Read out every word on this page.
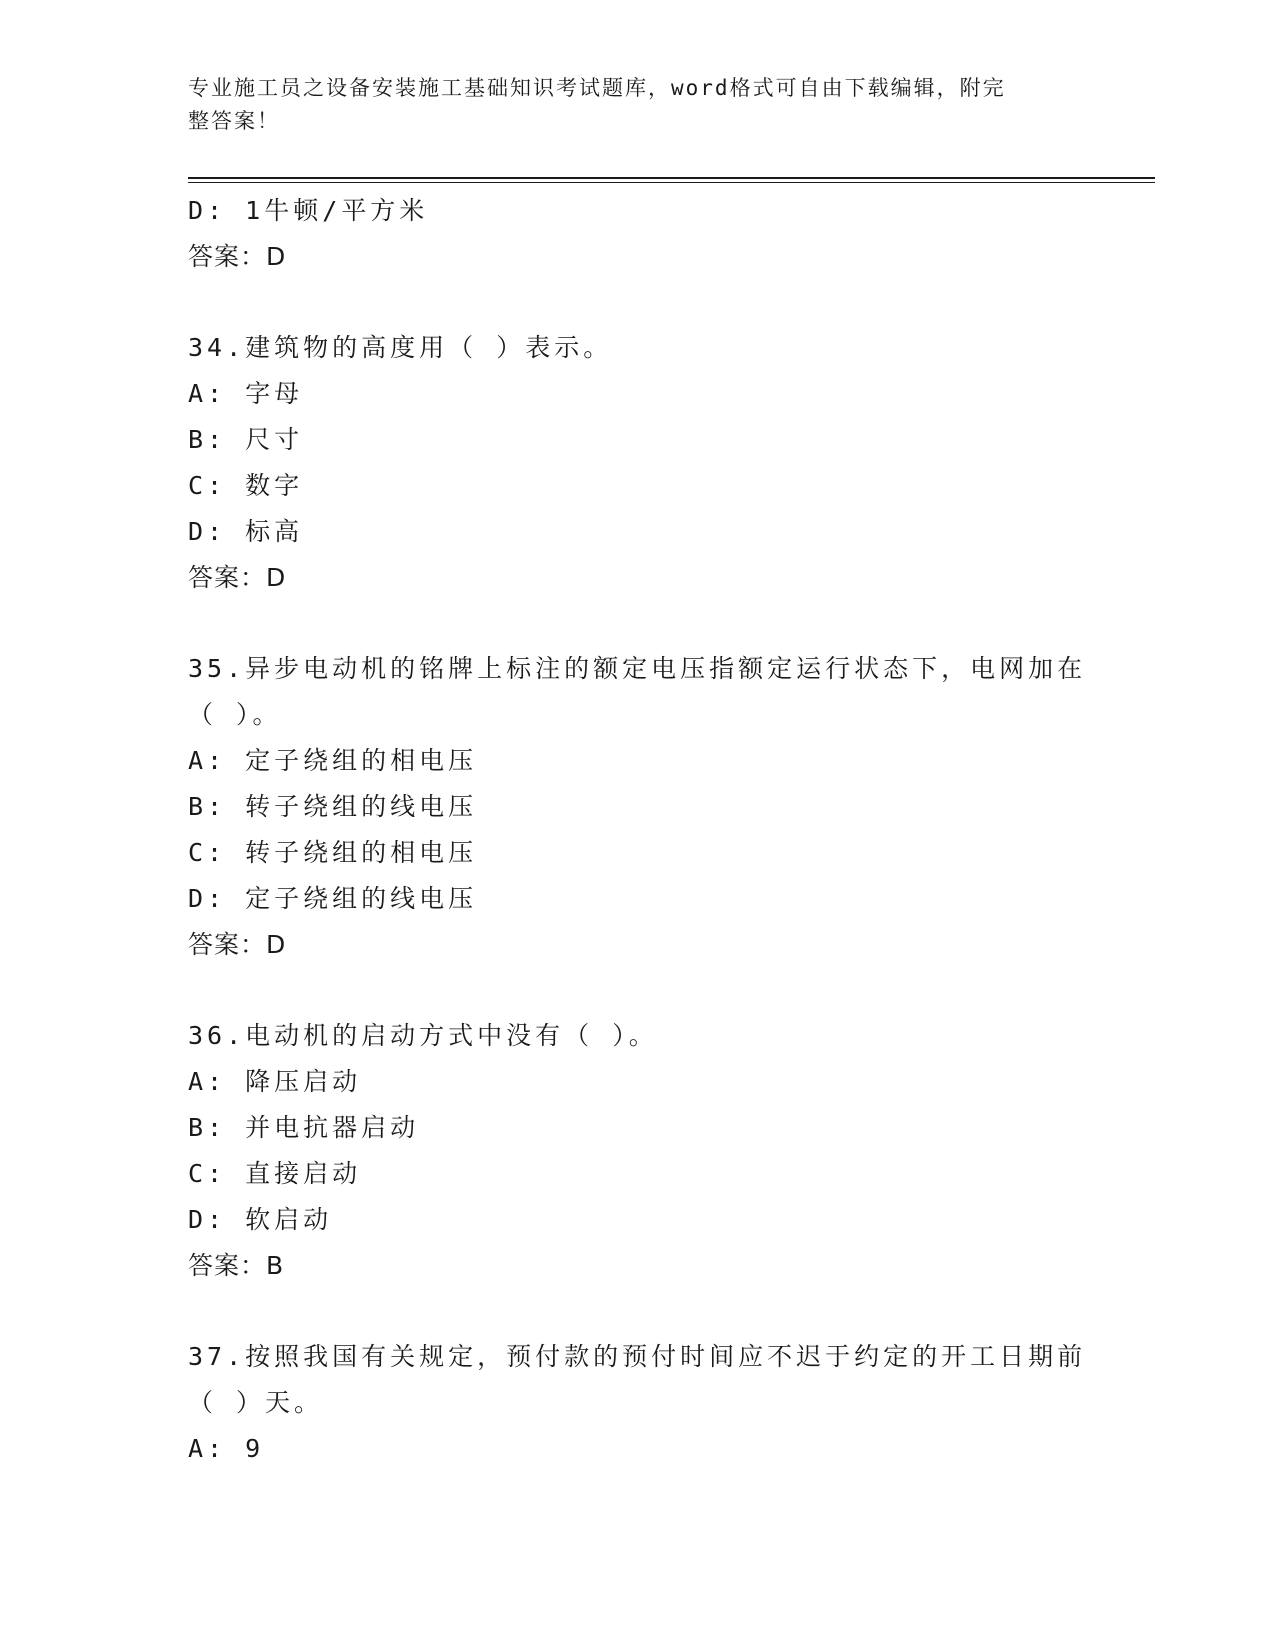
专业施工员之设备安装施工基础知识考试题库，word格式可自由下载编辑，附完
整答案！
D: 1牛顿/平方米
答案：D
34.建筑物的高度用（ ）表示。
A: 字母
B: 尺寸
C: 数字
D: 标高
答案：D
35.异步电动机的铭牌上标注的额定电压指额定运行状态下，电网加在
（ ）。
A: 定子绕组的相电压
B: 转子绕组的线电压
C: 转子绕组的相电压
D: 定子绕组的线电压
答案：D
36.电动机的启动方式中没有（ ）。
A: 降压启动
B: 并电抗器启动
C: 直接启动
D: 软启动
答案：B
37.按照我国有关规定，预付款的预付时间应不迟于约定的开工日期前
（ ）天。
A: 9
